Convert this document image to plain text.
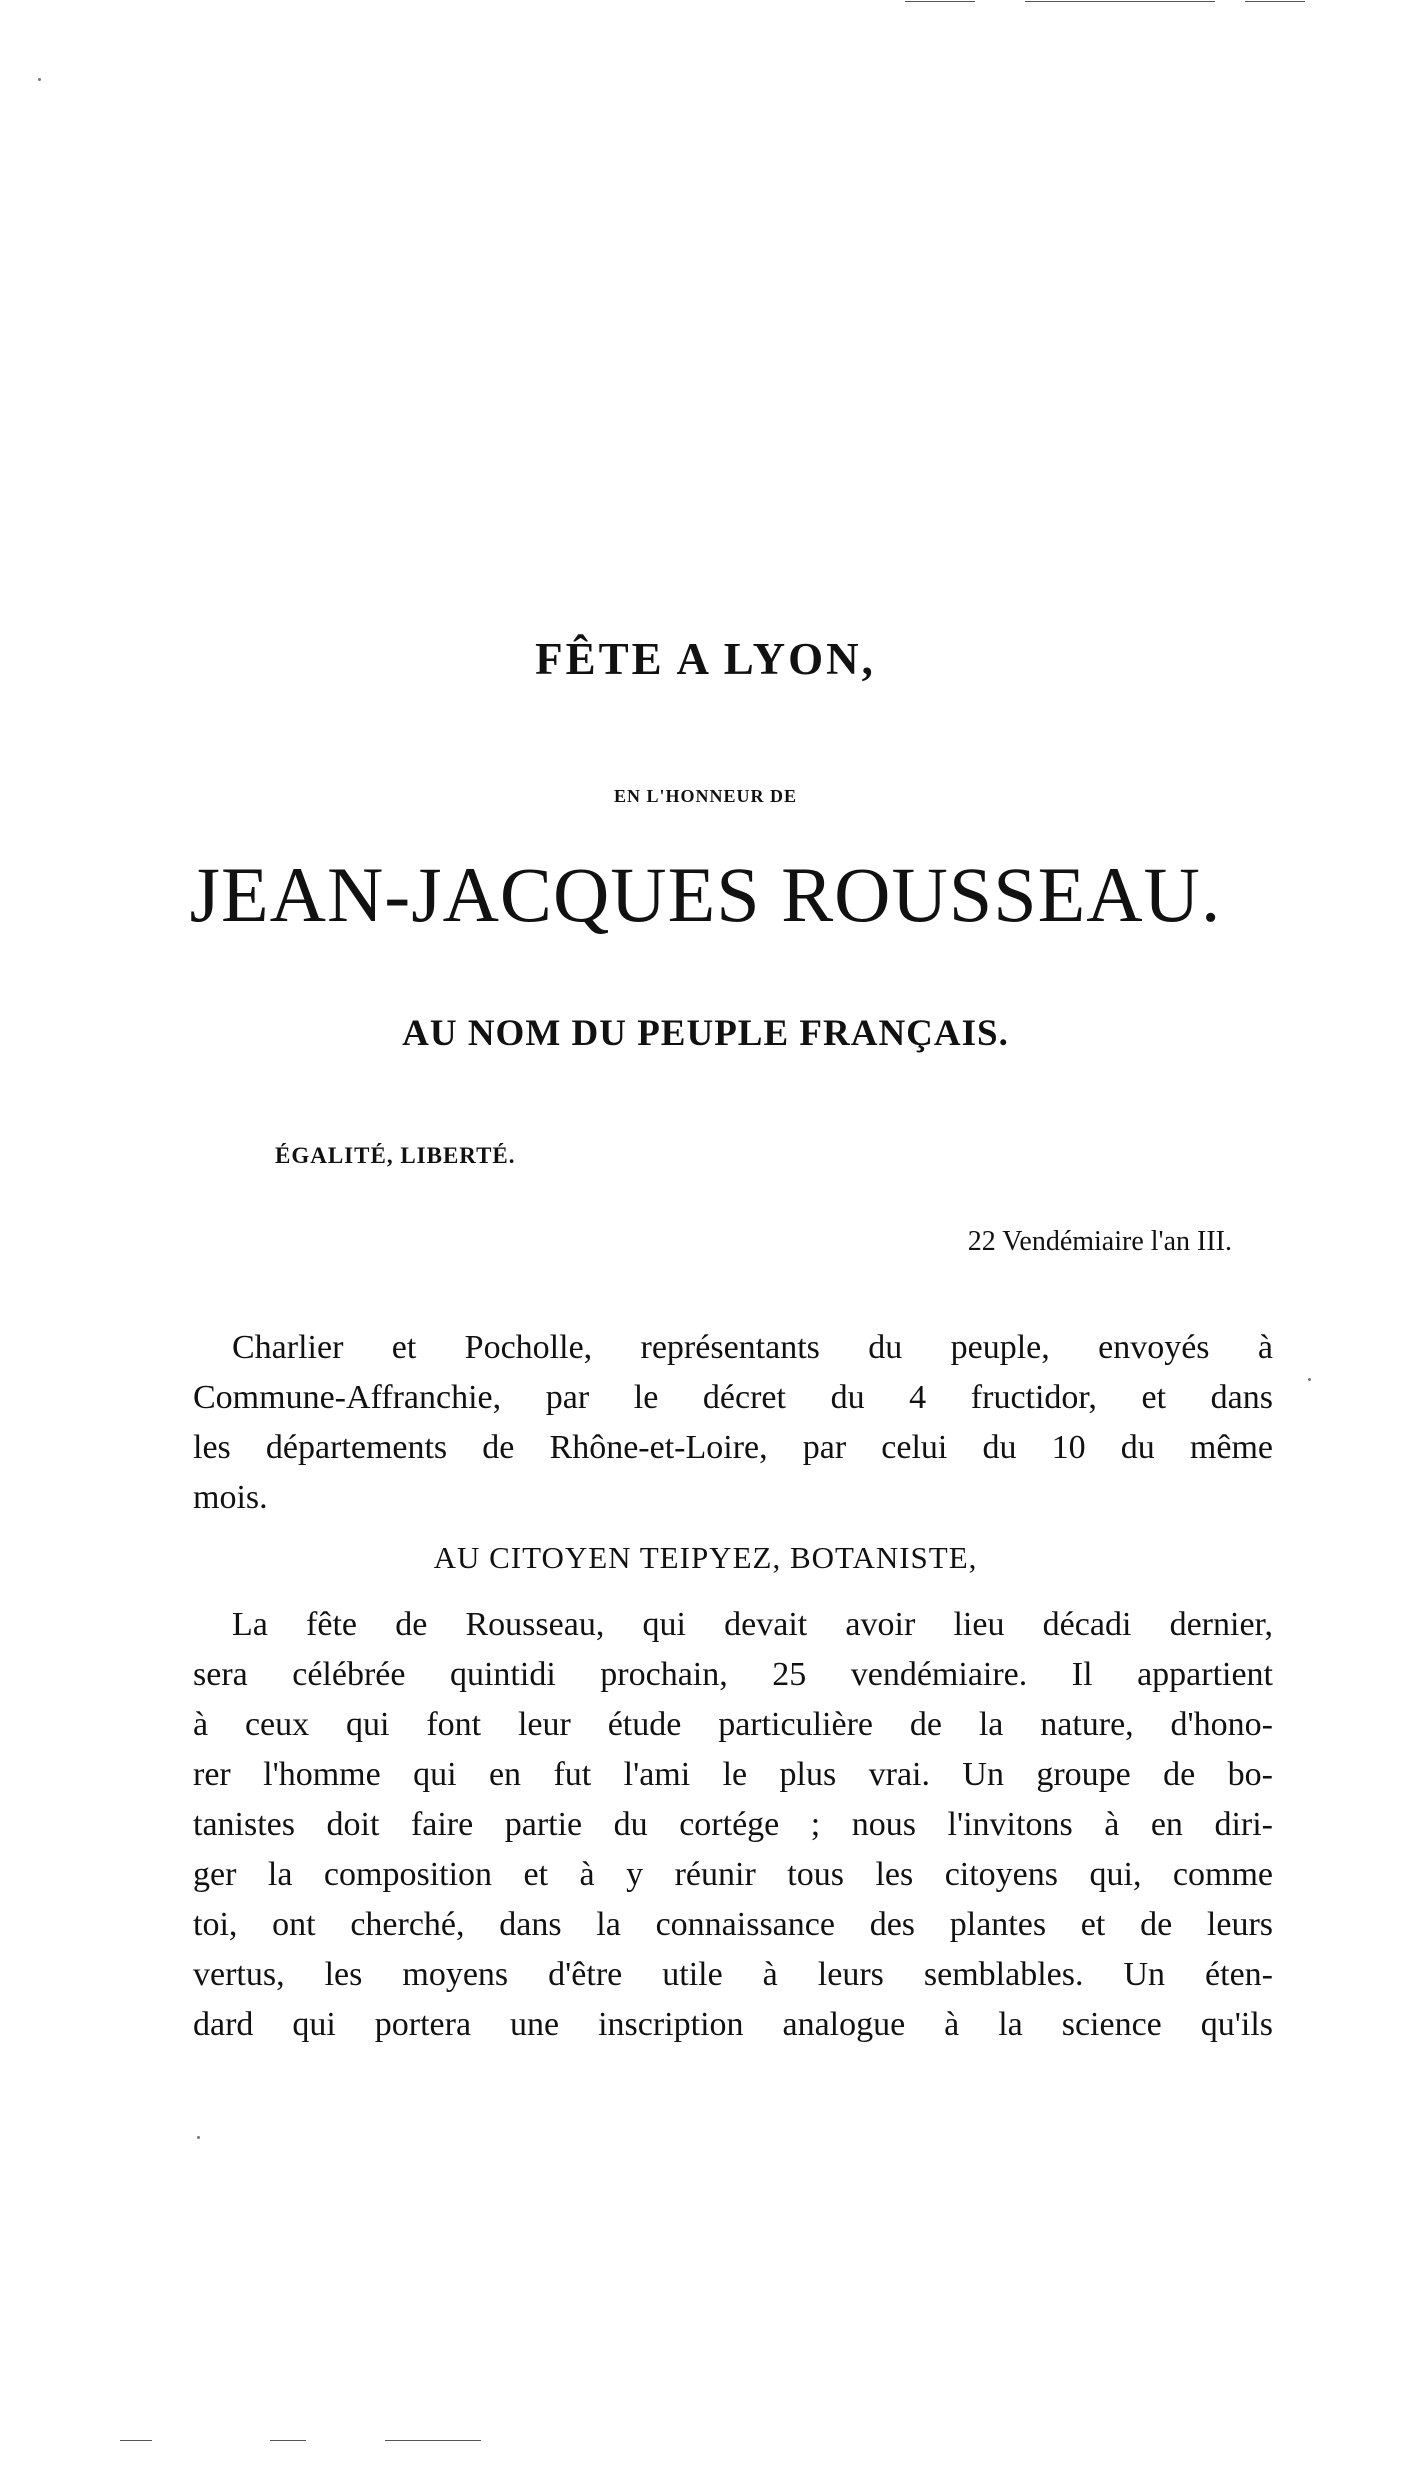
FÊTE A LYON,
EN L'HONNEUR DE
JEAN-JACQUES ROUSSEAU.
AU NOM DU PEUPLE FRANÇAIS.
ÉGALITÉ, LIBERTÉ.
22 Vendémiaire l'an III.
Charlier et Pocholle, représentants du peuple, envoyés à
Commune-Affranchie, par le décret du 4 fructidor, et dans
les départements de Rhône-et-Loire, par celui du 10 du même
mois.
AU CITOYEN TEIPYEZ, BOTANISTE,
La fête de Rousseau, qui devait avoir lieu décadi dernier,
sera célébrée quintidi prochain, 25 vendémiaire. Il appartient
à ceux qui font leur étude particulière de la nature, d'hono-
rer l'homme qui en fut l'ami le plus vrai. Un groupe de bo-
tanistes doit faire partie du cortége ; nous l'invitons à en diri-
ger la composition et à y réunir tous les citoyens qui, comme
toi, ont cherché, dans la connaissance des plantes et de leurs
vertus, les moyens d'être utile à leurs semblables. Un éten-
dard qui portera une inscription analogue à la science qu'ils
